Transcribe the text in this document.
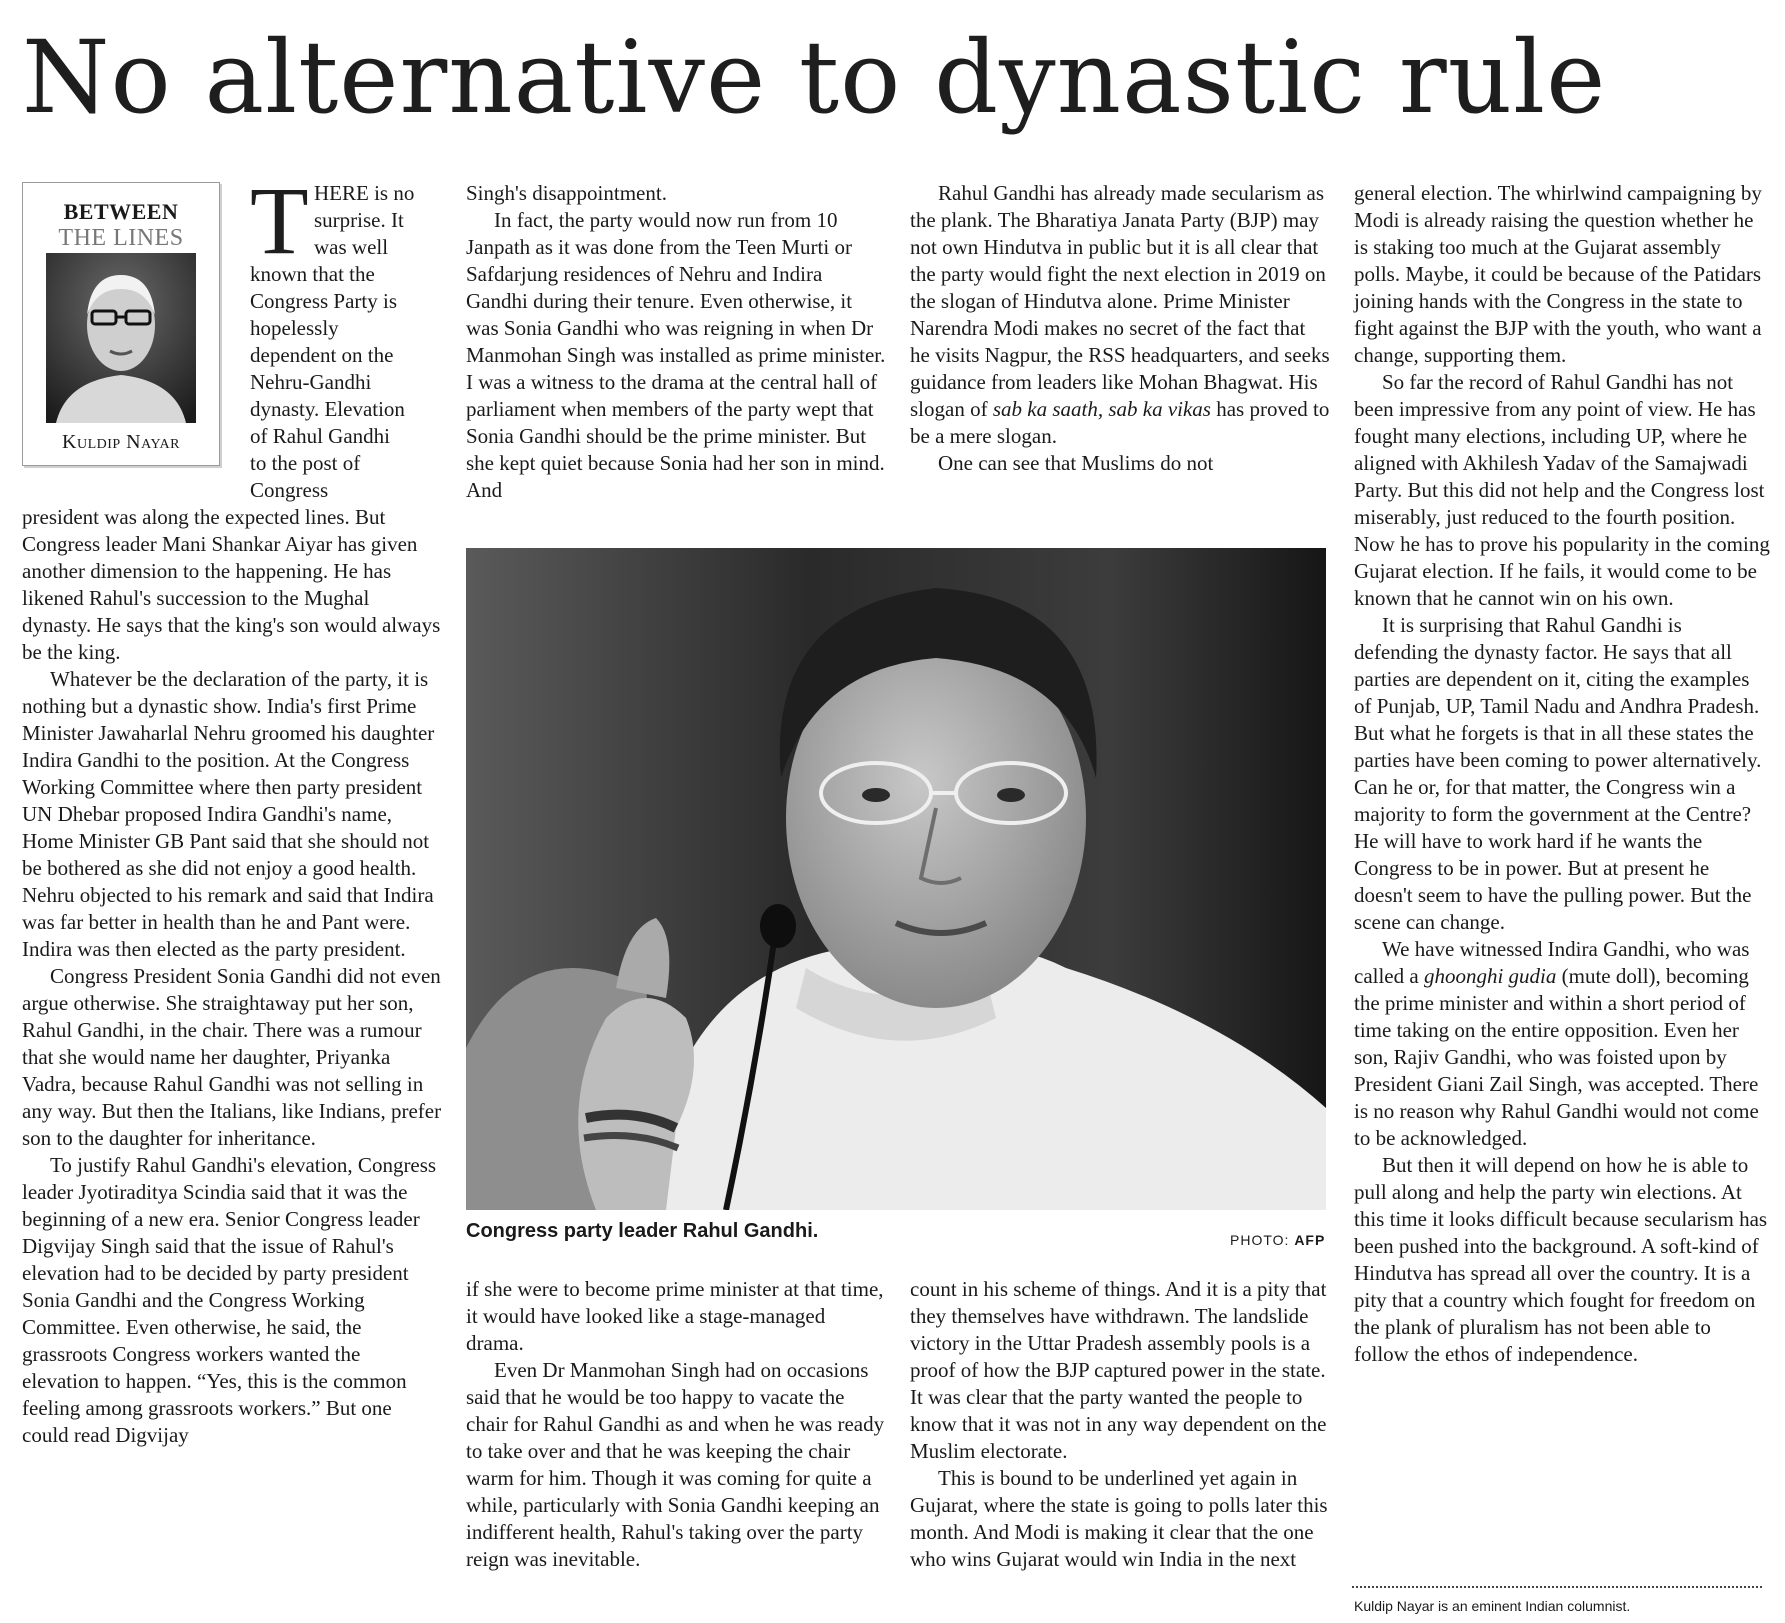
No alternative to dynastic rule
BETWEEN
THE LINES
Kuldip Nayar
T HERE is no
surprise. It
was well
known that the
Congress Party is
hopelessly
dependent on the
Nehru-Gandhi
dynasty. Elevation
of Rahul Gandhi
to the post of
Congress

president was along the expected lines. But Congress leader Mani Shankar Aiyar has given another dimension to the happening. He has likened Rahul's succession to the Mughal dynasty. He says that the king's son would always be the king.

Whatever be the declaration of the party, it is nothing but a dynastic show. India's first Prime Minister Jawaharlal Nehru groomed his daughter Indira Gandhi to the position. At the Congress Working Committee where then party president UN Dhebar proposed Indira Gandhi's name, Home Minister GB Pant said that she should not be bothered as she did not enjoy a good health. Nehru objected to his remark and said that Indira was far better in health than he and Pant were. Indira was then elected as the party president.

Congress President Sonia Gandhi did not even argue otherwise. She straightaway put her son, Rahul Gandhi, in the chair. There was a rumour that she would name her daughter, Priyanka Vadra, because Rahul Gandhi was not selling in any way. But then the Italians, like Indians, prefer son to the daughter for inheritance.

To justify Rahul Gandhi's elevation, Congress leader Jyotiraditya Scindia said that it was the beginning of a new era. Senior Congress leader Digvijay Singh said that the issue of Rahul's elevation had to be decided by party president Sonia Gandhi and the Congress Working Committee. Even otherwise, he said, the grassroots Congress workers wanted the elevation to happen. “Yes, this is the common feeling among grassroots workers.” But one could read Digvijay

Singh's disappointment.

In fact, the party would now run from 10 Janpath as it was done from the Teen Murti or Safdarjung residences of Nehru and Indira Gandhi during their tenure. Even otherwise, it was Sonia Gandhi who was reigning in when Dr Manmohan Singh was installed as prime minister. I was a witness to the drama at the central hall of parliament when members of the party wept that Sonia Gandhi should be the prime minister. But she kept quiet because Sonia had her son in mind. And

Rahul Gandhi has already made secularism as the plank. The Bharatiya Janata Party (BJP) may not own Hindutva in public but it is all clear that the party would fight the next election in 2019 on the slogan of Hindutva alone. Prime Minister Narendra Modi makes no secret of the fact that he visits Nagpur, the RSS headquarters, and seeks guidance from leaders like Mohan Bhagwat. His slogan of sab ka saath, sab ka vikas has proved to be a mere slogan.

One can see that Muslims do not

Congress party leader Rahul Gandhi.	PHOTO: AFP

if she were to become prime minister at that time, it would have looked like a stage-managed drama.

Even Dr Manmohan Singh had on occasions said that he would be too happy to vacate the chair for Rahul Gandhi as and when he was ready to take over and that he was keeping the chair warm for him. Though it was coming for quite a while, particularly with Sonia Gandhi keeping an indifferent health, Rahul's taking over the party reign was inevitable.

count in his scheme of things. And it is a pity that they themselves have withdrawn. The landslide victory in the Uttar Pradesh assembly pools is a proof of how the BJP captured power in the state. It was clear that the party wanted the people to know that it was not in any way dependent on the Muslim electorate.

This is bound to be underlined yet again in Gujarat, where the state is going to polls later this month. And Modi is making it clear that the one who wins Gujarat would win India in the next

general election. The whirlwind campaigning by Modi is already raising the question whether he is staking too much at the Gujarat assembly polls. Maybe, it could be because of the Patidars joining hands with the Congress in the state to fight against the BJP with the youth, who want a change, supporting them.

So far the record of Rahul Gandhi has not been impressive from any point of view. He has fought many elections, including UP, where he aligned with Akhilesh Yadav of the Samajwadi Party. But this did not help and the Congress lost miserably, just reduced to the fourth position. Now he has to prove his popularity in the coming Gujarat election. If he fails, it would come to be known that he cannot win on his own.

It is surprising that Rahul Gandhi is defending the dynasty factor. He says that all parties are dependent on it, citing the examples of Punjab, UP, Tamil Nadu and Andhra Pradesh. But what he forgets is that in all these states the parties have been coming to power alternatively. Can he or, for that matter, the Congress win a majority to form the government at the Centre? He will have to work hard if he wants the Congress to be in power. But at present he doesn't seem to have the pulling power. But the scene can change.

We have witnessed Indira Gandhi, who was called a ghoonghi gudia (mute doll), becoming the prime minister and within a short period of time taking on the entire opposition. Even her son, Rajiv Gandhi, who was foisted upon by President Giani Zail Singh, was accepted. There is no reason why Rahul Gandhi would not come to be acknowledged.

But then it will depend on how he is able to pull along and help the party win elections. At this time it looks difficult because secularism has been pushed into the background. A soft-kind of Hindutva has spread all over the country. It is a pity that a country which fought for freedom on the plank of pluralism has not been able to follow the ethos of independence.

Kuldip Nayar is an eminent Indian columnist.
